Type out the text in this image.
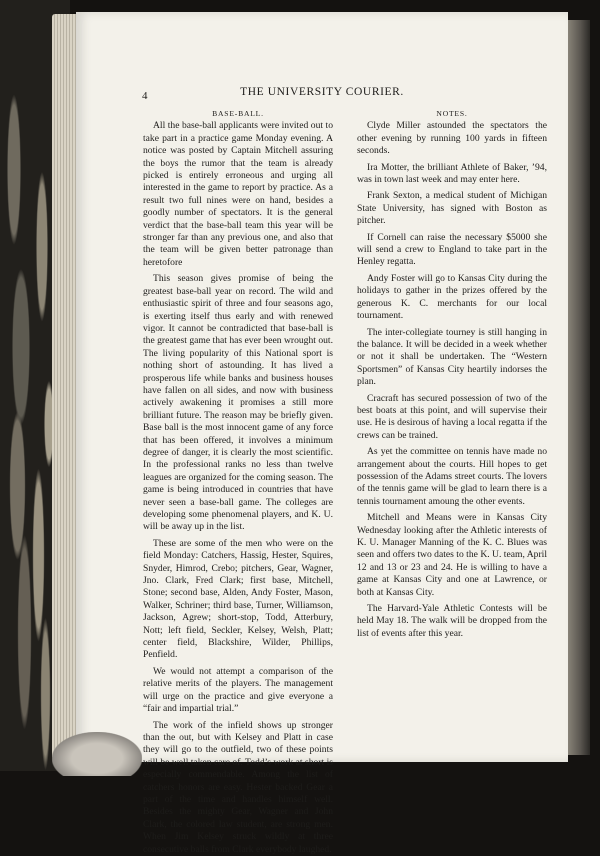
4	THE UNIVERSITY COURIER.

BASE-BALL.

All the base-ball applicants were invited out to take part in a practice game Monday evening. A notice was posted by Captain Mitchell assuring the boys the rumor that the team is already picked is entirely erroneous and urging all interested in the game to report by practice. As a result two full nines were on hand, besides a goodly number of spectators. It is the general verdict that the base-ball team this year will be stronger far than any previous one, and also that the team will be given better patronage than heretofore

This season gives promise of being the greatest base-ball year on record. The wild and enthusiastic spirit of three and four seasons ago, is exerting itself thus early and with renewed vigor. It cannot be contradicted that base-ball is the greatest game that has ever been wrought out. The living popularity of this National sport is nothing short of astounding. It has lived a prosperous life while banks and business houses have fallen on all sides, and now with business actively awakening it promises a still more brilliant future. The reason may be briefly given. Base ball is the most innocent game of any force that has been offered, it involves a minimum degree of danger, it is clearly the most scientific. In the professional ranks no less than twelve leagues are organized for the coming season. The game is being introduced in countries that have never seen a base-ball game. The colleges are developing some phenomenal players, and K. U. will be away up in the list.

These are some of the men who were on the field Monday: Catchers, Hassig, Hester, Squires, Snyder, Himrod, Crebo; pitchers, Gear, Wagner, Jno. Clark, Fred Clark; first base, Mitchell, Stone; second base, Alden, Andy Foster, Mason, Walker, Schriner; third base, Turner, Williamson, Jackson, Agrew; short-stop, Todd, Atterbury, Nott; left field, Seckler, Kelsey, Welsh, Platt; center field, Blackshire, Wilder, Phillips, Penfield.

We would not attempt a comparison of the relative merits of the players. The management will urge on the practice and give everyone a “fair and impartial trial.”

The work of the infield shows up stronger than the out, but with Kelsey and Platt in case they will go to the outfield, two of these points will be well taken care of. Todd’s work at short is especially commendable. Among the list of catchers honors are easy. Hester backed Gear a part of the time and handles himself well. Besides the mighty Gear, Wagner and John Clark, the colored law student, are strong men. When Jim Kelsey struck wildly at three consecutive balls from Clark everybody laughed.

NOTES.

Clyde Miller astounded the spectators the other evening by running 100 yards in fifteen seconds.

Ira Motter, the brilliant Athlete of Baker, ’94, was in town last week and may enter here.

Frank Sexton, a medical student of Michigan State University, has signed with Boston as pitcher.

If Cornell can raise the necessary $5000 she will send a crew to England to take part in the Henley regatta.

Andy Foster will go to Kansas City during the holidays to gather in the prizes offered by the generous K. C. merchants for our local tournament.

The inter-collegiate tourney is still hanging in the balance. It will be decided in a week whether or not it shall be undertaken. The “Western Sportsmen” of Kansas City heartily indorses the plan.

Cracraft has secured possession of two of the best boats at this point, and will supervise their use. He is desirous of having a local regatta if the crews can be trained.

As yet the committee on tennis have made no arrangement about the courts. Hill hopes to get possession of the Adams street courts. The lovers of the tennis game will be glad to learn there is a tennis tournament amoung the other events.

Mitchell and Means were in Kansas City Wednesday looking after the Athletic interests of K. U. Manager Manning of the K. C. Blues was seen and offers two dates to the K. U. team, April 12 and 13 or 23 and 24. He is willing to have a game at Kansas City and one at Lawrence, or both at Kansas City.

The Harvard-Yale Athletic Contests will be held May 18. The walk will be dropped from the list of events after this year.
